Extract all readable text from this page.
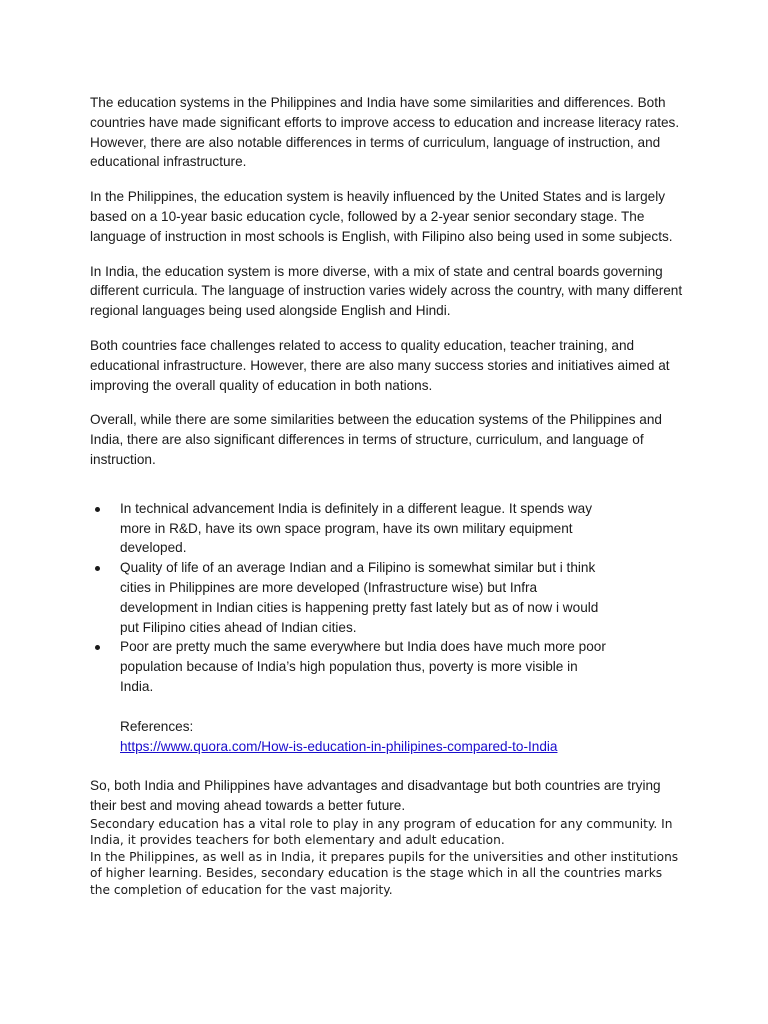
The education systems in the Philippines and India have some similarities and differences. Both countries have made significant efforts to improve access to education and increase literacy rates. However, there are also notable differences in terms of curriculum, language of instruction, and educational infrastructure.

In the Philippines, the education system is heavily influenced by the United States and is largely based on a 10-year basic education cycle, followed by a 2-year senior secondary stage. The language of instruction in most schools is English, with Filipino also being used in some subjects.

In India, the education system is more diverse, with a mix of state and central boards governing different curricula. The language of instruction varies widely across the country, with many different regional languages being used alongside English and Hindi.

Both countries face challenges related to access to quality education, teacher training, and educational infrastructure. However, there are also many success stories and initiatives aimed at improving the overall quality of education in both nations.

Overall, while there are some similarities between the education systems of the Philippines and India, there are also significant differences in terms of structure, curriculum, and language of instruction.

In technical advancement India is definitely in a different league. It spends way more in R&D, have its own space program, have its own military equipment developed.
Quality of life of an average Indian and a Filipino is somewhat similar but i think cities in Philippines are more developed (Infrastructure wise) but Infra development in Indian cities is happening pretty fast lately but as of now i would put Filipino cities ahead of Indian cities.
Poor are pretty much the same everywhere but India does have much more poor population because of India’s high population thus, poverty is more visible in India.
References:
https://www.quora.com/How-is-education-in-philipines-compared-to-India

So, both India and Philippines have advantages and disadvantage but both countries are trying their best and moving ahead towards a better future.

Secondary education has a vital role to play in any program of education for any community. In India, it provides teachers for both elementary and adult education.

In the Philippines, as well as in India, it prepares pupils for the universities and other institutions of higher learning. Besides, secondary education is the stage which in all the countries marks the completion of education for the vast majority.
